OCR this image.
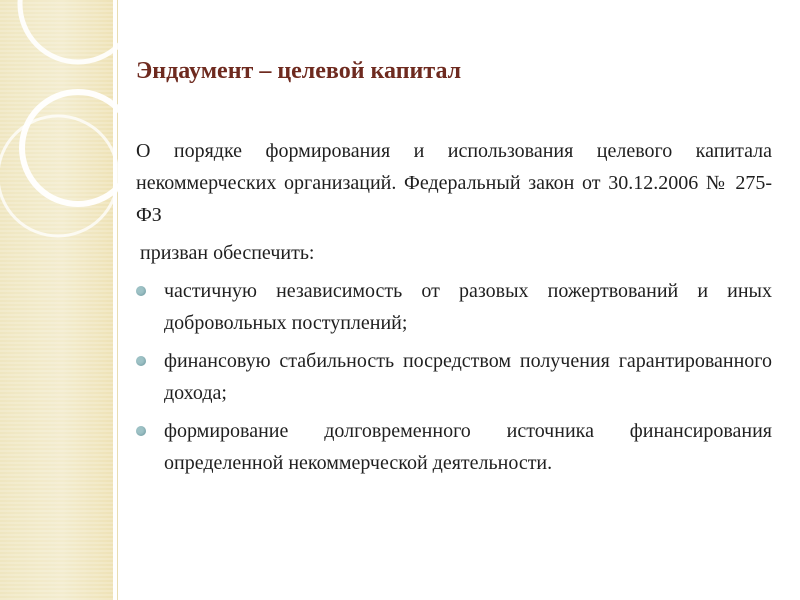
Эндаумент – целевой капитал

О порядке формирования и использования целевого капитала некоммерческих организаций. Федеральный закон от 30.12.2006 № 275-ФЗ

призван обеспечить:

частичную независимость от разовых пожертвований и иных добровольных поступлений;
финансовую стабильность посредством получения гарантированного дохода;
формирование долговременного источника финансирования определенной некоммерческой деятельности.
